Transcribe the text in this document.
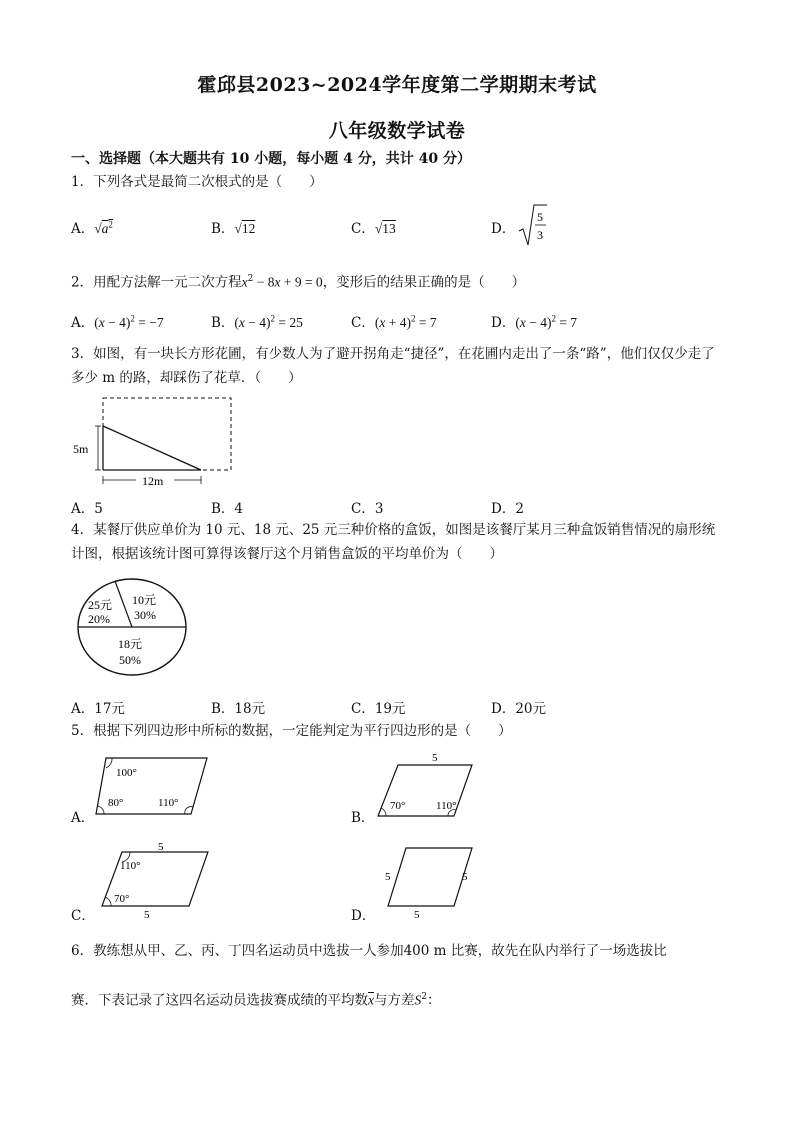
霍邱县2023~2024学年度第二学期期末考试
八年级数学试卷
一、选择题（本大题共有 10 小题，每小题 4 分，共计 40 分）
1．下列各式是最简二次根式的是（　　）
A．$√a^2$	B．√12	C．√13	D．
5
3
2．用配方法解一元二次方程$x^2 - 8x + 9 = 0$，变形后的结果正确的是（　　）
A．$(x - 4)^2 = -7$	B．$(x - 4)^2 = 25$	C．$(x + 4)^2 = 7$	D．$(x - 4)^2 = 7$
3．如图，有一块长方形花圃，有少数人为了避开拐角走“捷径”，在花圃内走出了一条“路”，他们仅仅少走了多少 m 的路，却踩伤了花草．（　　）
5m
12m
A．5	B．4	C．3	D．2
4．某餐厅供应单价为 10 元、18 元、25 元三种价格的盒饭，如图是该餐厅某月三种盒饭销售情况的扇形统计图，根据该统计图可算得该餐厅这个月销售盒饭的平均单价为（　　）
25元
20%
10元
30%
18元
50%
A．17元	B．18元	C．19元	D．20元
5．根据下列四边形中所标的数据，一定能判定为平行四边形的是（　　）
A．
100°
80°	110°
B．
5
70°	110°
C．
5
110°
70°
5	D．
5	5
5
6．教练想从甲、乙、丙、丁四名运动员中选拔一人参加400 m 比赛，故先在队内举行了一场选拔比
赛．下表记录了这四名运动员选拔赛成绩的平均数$\overline{x}$与方差$S^2$：
